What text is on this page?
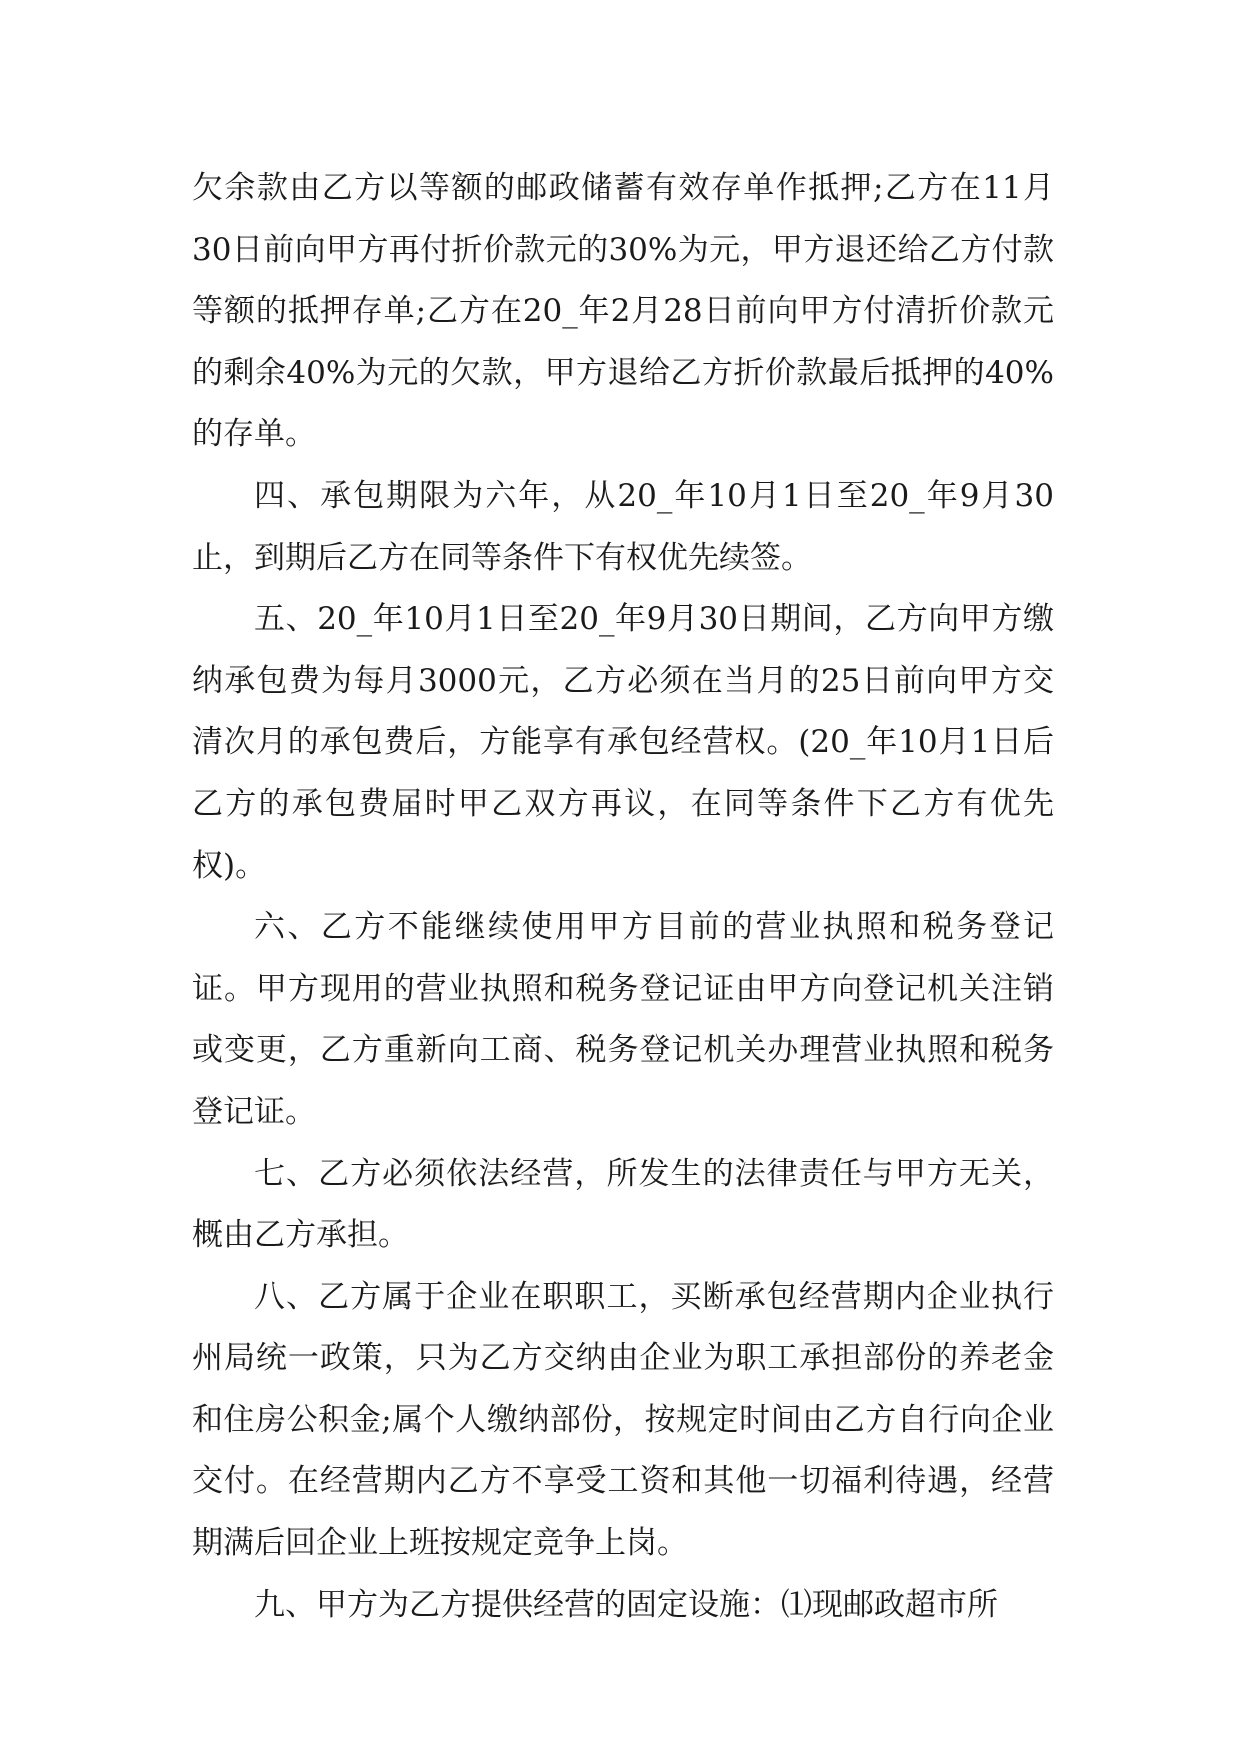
欠余款由乙方以等额的邮政储蓄有效存单作抵押;乙方在11月30日前向甲方再付折价款元的30%为元，甲方退还给乙方付款等额的抵押存单;乙方在20_年2月28日前向甲方付清折价款元的剩余40%为元的欠款，甲方退给乙方折价款最后抵押的40%的存单。

四、承包期限为六年，从20_年10月1日至20_年9月30止，到期后乙方在同等条件下有权优先续签。

五、20_年10月1日至20_年9月30日期间，乙方向甲方缴纳承包费为每月3000元，乙方必须在当月的25日前向甲方交清次月的承包费后，方能享有承包经营权。(20_年10月1日后乙方的承包费届时甲乙双方再议，在同等条件下乙方有优先权)。

六、乙方不能继续使用甲方目前的营业执照和税务登记证。甲方现用的营业执照和税务登记证由甲方向登记机关注销或变更，乙方重新向工商、税务登记机关办理营业执照和税务登记证。

七、乙方必须依法经营，所发生的法律责任与甲方无关，概由乙方承担。

八、乙方属于企业在职职工，买断承包经营期内企业执行州局统一政策，只为乙方交纳由企业为职工承担部份的养老金和住房公积金;属个人缴纳部份，按规定时间由乙方自行向企业交付。在经营期内乙方不享受工资和其他一切福利待遇，经营期满后回企业上班按规定竞争上岗。

九、甲方为乙方提供经营的固定设施：⑴现邮政超市所
